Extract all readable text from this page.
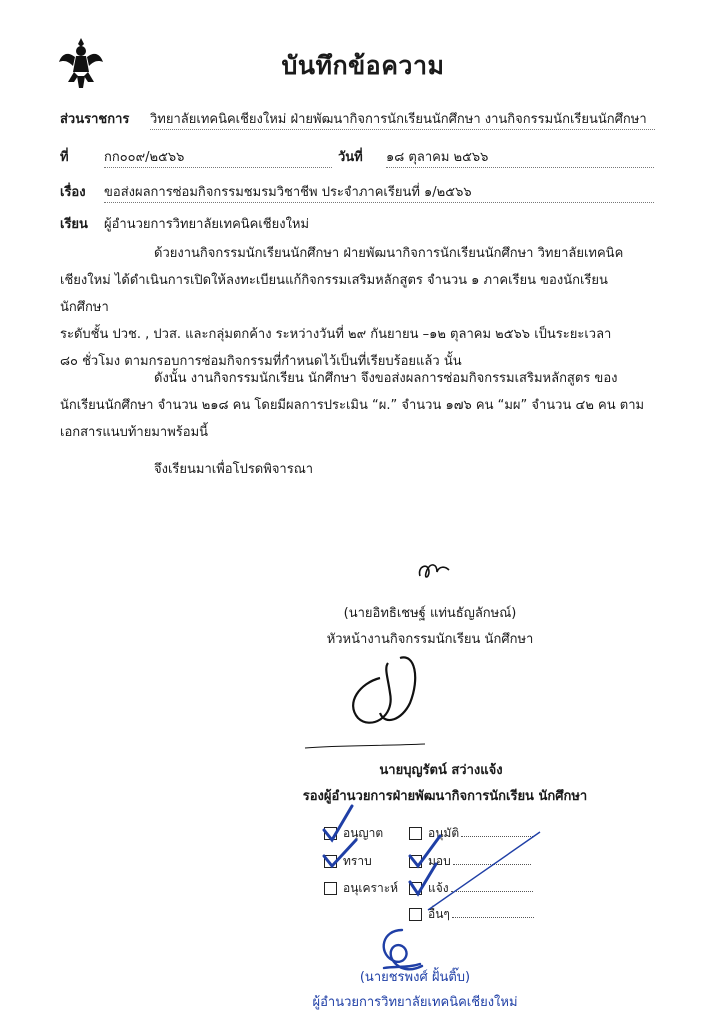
บันทึกข้อความ
ส่วนราชการ วิทยาลัยเทคนิคเชียงใหม่ ฝ่ายพัฒนากิจการนักเรียนนักศึกษา งานกิจกรรมนักเรียนนักศึกษา
ที่	กก๐๐๙/๒๕๖๖	วันที่ ๑๘ ตุลาคม ๒๕๖๖
เรื่อง ขอส่งผลการซ่อมกิจกรรมชมรมวิชาชีพ ประจำภาคเรียนที่ ๑/๒๕๖๖
เรียน ผู้อำนวยการวิทยาลัยเทคนิคเชียงใหม่

ด้วยงานกิจกรรมนักเรียนนักศึกษา ฝ่ายพัฒนากิจการนักเรียนนักศึกษา วิทยาลัยเทคนิค

เชียงใหม่ ได้ดำเนินการเปิดให้ลงทะเบียนแก้กิจกรรมเสริมหลักสูตร จำนวน ๑ ภาคเรียน ของนักเรียน นักศึกษา

ระดับชั้น ปวช. , ปวส. และกลุ่มตกค้าง ระหว่างวันที่ ๒๙ กันยายน –๑๒ ตุลาคม ๒๕๖๖ เป็นระยะเวลา

๘๐ ชั่วโมง ตามกรอบการซ่อมกิจกรรมที่กำหนดไว้เป็นที่เรียบร้อยแล้ว นั้น

ดังนั้น งานกิจกรรมนักเรียน นักศึกษา จึงขอส่งผลการซ่อมกิจกรรมเสริมหลักสูตร ของ

นักเรียนนักศึกษา จำนวน ๒๑๘ คน โดยมีผลการประเมิน “ผ.” จำนวน ๑๗๖ คน “มผ” จำนวน ๔๒ คน ตาม

เอกสารแนบท้ายมาพร้อมนี้

จึงเรียนมาเพื่อโปรดพิจารณา
(นายอิทธิเชษฐ์ แท่นธัญลักษณ์)
หัวหน้างานกิจกรรมนักเรียน นักศึกษา
นายบุญรัตน์ สว่างแจ้ง
รองผู้อำนวยการฝ่ายพัฒนากิจการนักเรียน นักศึกษา
อนุญาต
ทราบ
อนุเคราะห์
อนุมัติ
มอบ
แจ้ง
อื่นๆ
(นายชรพงศ์ ฝั้นติ๊บ)
ผู้อำนวยการวิทยาลัยเทคนิคเชียงใหม่
